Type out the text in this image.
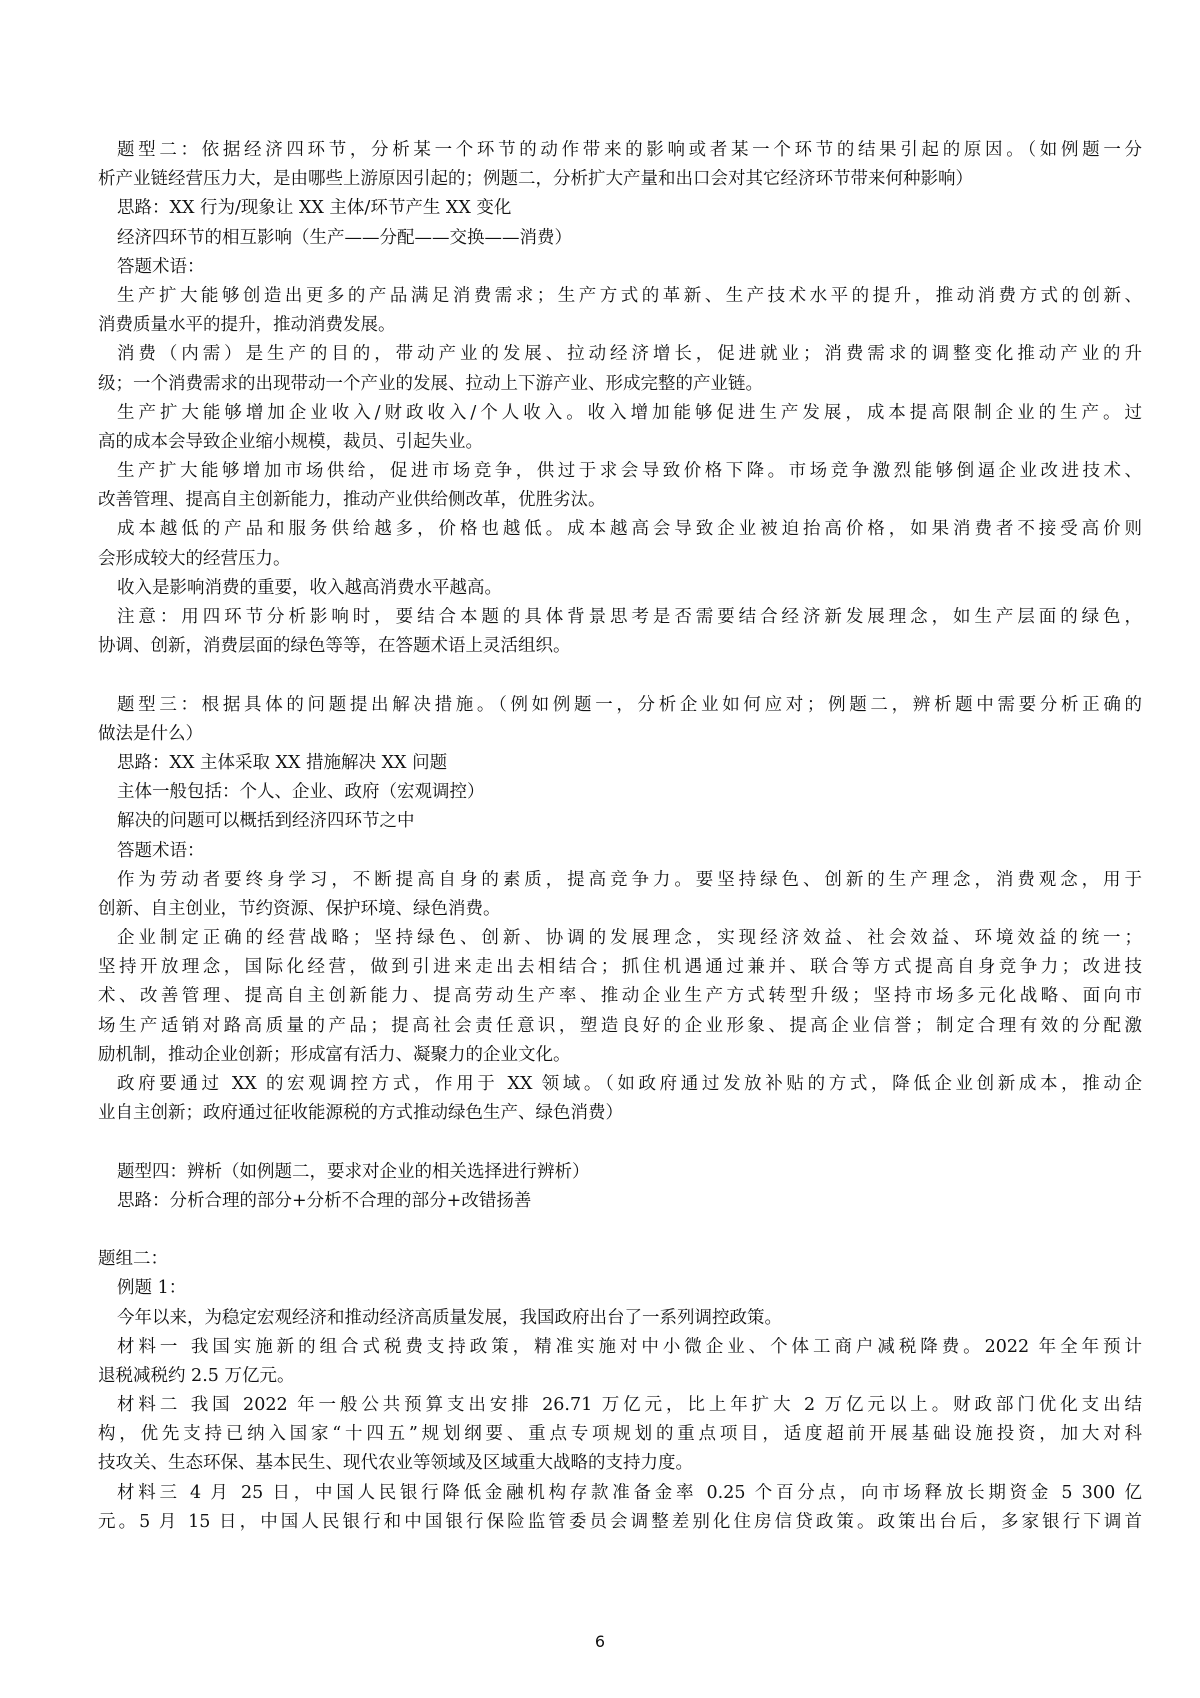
题型二：依据经济四环节，分析某一个环节的动作带来的影响或者某一个环节的结果引起的原因。（如例题一分
析产业链经营压力大，是由哪些上游原因引起的；例题二，分析扩大产量和出口会对其它经济环节带来何种影响）
思路：XX 行为/现象让 XX 主体/环节产生 XX 变化
经济四环节的相互影响（生产——分配——交换——消费）
答题术语：
生产扩大能够创造出更多的产品满足消费需求；生产方式的革新、生产技术水平的提升，推动消费方式的创新、
消费质量水平的提升，推动消费发展。
消费（内需）是生产的目的，带动产业的发展、拉动经济增长，促进就业；消费需求的调整变化推动产业的升
级；一个消费需求的出现带动一个产业的发展、拉动上下游产业、形成完整的产业链。
生产扩大能够增加企业收入/财政收入/个人收入。收入增加能够促进生产发展，成本提高限制企业的生产。过
高的成本会导致企业缩小规模，裁员、引起失业。
生产扩大能够增加市场供给，促进市场竞争，供过于求会导致价格下降。市场竞争激烈能够倒逼企业改进技术、
改善管理、提高自主创新能力，推动产业供给侧改革，优胜劣汰。
成本越低的产品和服务供给越多，价格也越低。成本越高会导致企业被迫抬高价格，如果消费者不接受高价则
会形成较大的经营压力。
收入是影响消费的重要，收入越高消费水平越高。
注意：用四环节分析影响时，要结合本题的具体背景思考是否需要结合经济新发展理念，如生产层面的绿色，
协调、创新，消费层面的绿色等等，在答题术语上灵活组织。
题型三：根据具体的问题提出解决措施。（例如例题一，分析企业如何应对；例题二，辨析题中需要分析正确的
做法是什么）
思路：XX 主体采取 XX 措施解决 XX 问题
主体一般包括：个人、企业、政府（宏观调控）
解决的问题可以概括到经济四环节之中
答题术语：
作为劳动者要终身学习，不断提高自身的素质，提高竞争力。要坚持绿色、创新的生产理念，消费观念，用于
创新、自主创业，节约资源、保护环境、绿色消费。
企业制定正确的经营战略；坚持绿色、创新、协调的发展理念，实现经济效益、社会效益、环境效益的统一；
坚持开放理念，国际化经营，做到引进来走出去相结合；抓住机遇通过兼并、联合等方式提高自身竞争力；改进技
术、改善管理、提高自主创新能力、提高劳动生产率、推动企业生产方式转型升级；坚持市场多元化战略、面向市
场生产适销对路高质量的产品；提高社会责任意识，塑造良好的企业形象、提高企业信誉；制定合理有效的分配激
励机制，推动企业创新；形成富有活力、凝聚力的企业文化。
政府要通过 XX 的宏观调控方式，作用于 XX 领域。（如政府通过发放补贴的方式，降低企业创新成本，推动企
业自主创新；政府通过征收能源税的方式推动绿色生产、绿色消费）
题型四：辨析（如例题二，要求对企业的相关选择进行辨析）
思路：分析合理的部分+分析不合理的部分+改错扬善
题组二：
例题 1：
今年以来，为稳定宏观经济和推动经济高质量发展，我国政府出台了一系列调控政策。
材料一 我国实施新的组合式税费支持政策，精准实施对中小微企业、个体工商户减税降费。2022 年全年预计
退税减税约 2.5 万亿元。
材料二 我国 2022 年一般公共预算支出安排 26.71 万亿元，比上年扩大 2 万亿元以上。财政部门优化支出结
构，优先支持已纳入国家“十四五”规划纲要、重点专项规划的重点项目，适度超前开展基础设施投资，加大对科
技攻关、生态环保、基本民生、现代农业等领域及区域重大战略的支持力度。
材料三 4 月 25 日，中国人民银行降低金融机构存款准备金率 0.25 个百分点，向市场释放长期资金 5 300 亿
元。5 月 15 日，中国人民银行和中国银行保险监管委员会调整差别化住房信贷政策。政策出台后，多家银行下调首
6
